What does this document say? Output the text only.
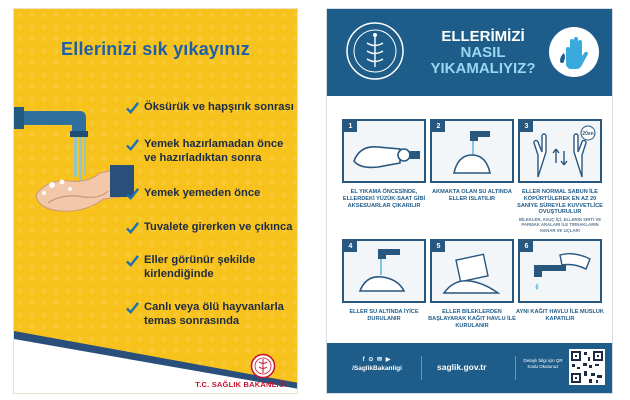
Ellerinizi sık yıkayınız
Öksürük ve hapşırık sonrası
Yemek hazırlamadan önce ve hazırladıktan sonra
Yemek yemeden önce
Tuvalete girerken ve çıkınca
Eller görünür şekilde kirlendiğinde
Canlı veya ölü hayvanlarla temas sonrasında
T.C. SAĞLIK BAKANLIĞI
ELLERİMİZİ
NASIL
YIKAMALIYIZ?
1
EL YIKAMA ÖNCESİNDE, ELLERDEKİ YÜZÜK-SAAT GİBİ AKSESUARLAR ÇIKARILIR
2
AKMAKTA OLAN SU ALTINDA ELLER ISLATILIR
3
20sn
ELLER NORMAL SABUN İLE KÖPÜRTÜLEREK EN AZ 20 SANİYE SÜREYLE KUVVETLİCE OVUŞTURULUR
BİLEKLER, AVUÇ İÇİ, ELLERİN SIRTI VE PARMAK ARALARI İLE TIRNAKLARIN KENAR VE UÇLARI
4
ELLER SU ALTINDA İYİCE DURULANIR
5
ELLER BİLEKLERDEN BAŞLAYARAK KAĞIT HAVLU İLE KURULANIR
6
AYNI KAĞIT HAVLU İLE MUSLUK KAPATILIR
f ⊙ ✉ ▶
/SaglikBakanligi	saglik.gov.tr
Detaylı bilgi için QR Kodu Okutunuz
